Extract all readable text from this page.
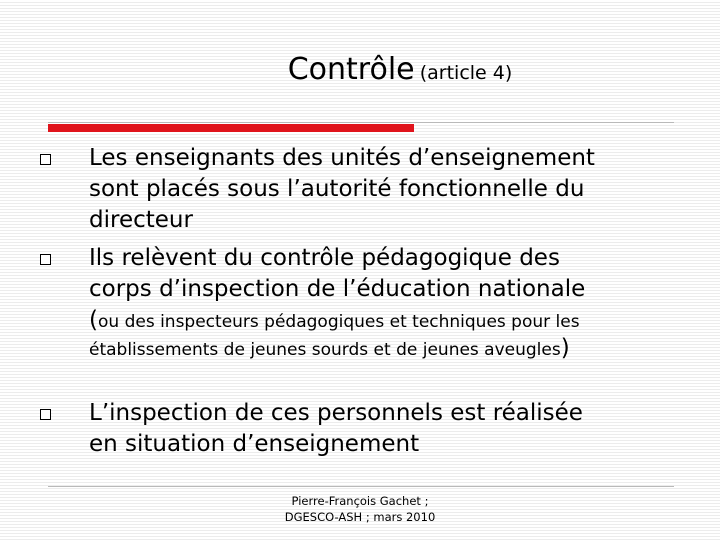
Contrôle (article 4)
Les enseignants des unités d’enseignement
sont placés sous l’autorité fonctionnelle du
directeur
Ils relèvent du contrôle pédagogique des
corps d’inspection de l’éducation nationale
(ou des inspecteurs pédagogiques et techniques pour les établissements de jeunes sourds et de jeunes aveugles)
L’inspection de ces personnels est réalisée
en situation d’enseignement
Pierre-François Gachet ;
DGESCO-ASH ; mars 2010
